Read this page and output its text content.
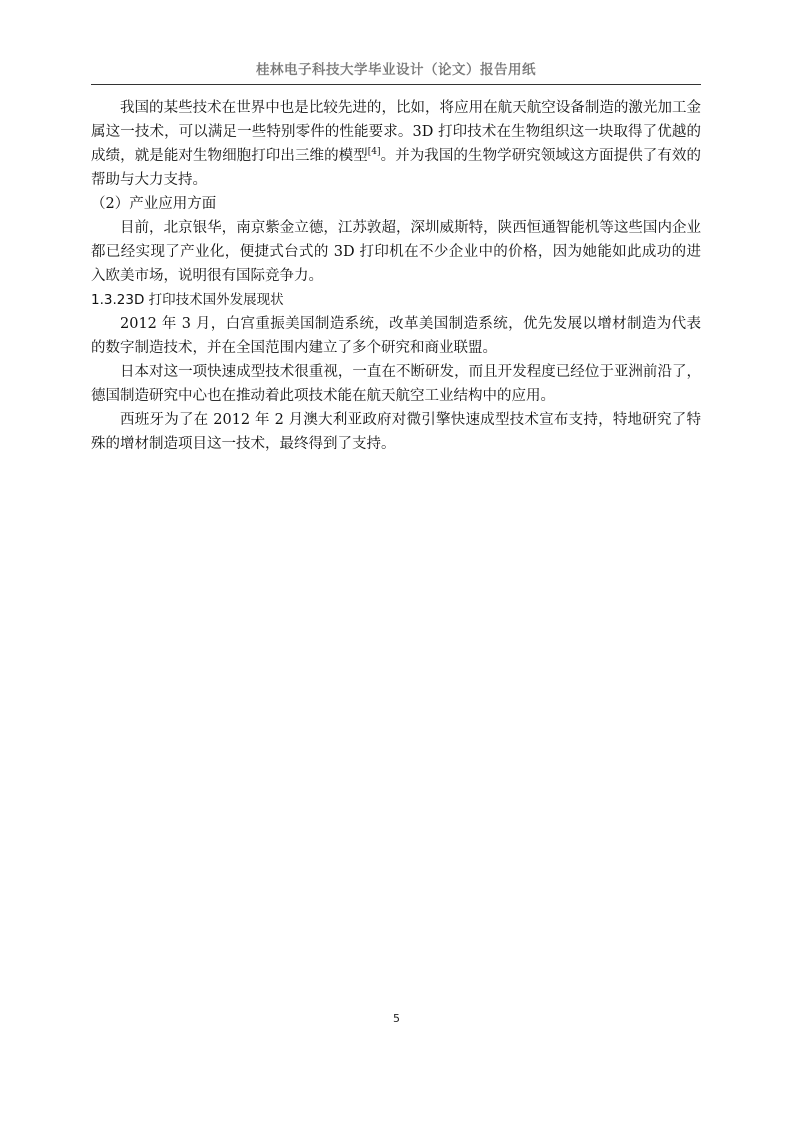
桂林电子科技大学毕业设计（论文）报告用纸

我国的某些技术在世界中也是比较先进的，比如，将应用在航天航空设备制造的激光加工金属这一技术，可以满足一些特别零件的性能要求。3D 打印技术在生物组织这一块取得了优越的成绩，就是能对生物细胞打印出三维的模型[4]。并为我国的生物学研究领域这方面提供了有效的帮助与大力支持。

（2）产业应用方面

目前，北京银华，南京紫金立德，江苏敦超，深圳威斯特，陕西恒通智能机等这些国内企业都已经实现了产业化，便捷式台式的 3D 打印机在不少企业中的价格，因为她能如此成功的进入欧美市场，说明很有国际竞争力。

1.3.23D 打印技术国外发展现状

2012 年 3 月，白宫重振美国制造系统，改革美国制造系统，优先发展以增材制造为代表的数字制造技术，并在全国范围内建立了多个研究和商业联盟。

日本对这一项快速成型技术很重视，一直在不断研发，而且开发程度已经位于亚洲前沿了，德国制造研究中心也在推动着此项技术能在航天航空工业结构中的应用。

西班牙为了在 2012 年 2 月澳大利亚政府对微引擎快速成型技术宣布支持，特地研究了特殊的增材制造项目这一技术，最终得到了支持。

5
